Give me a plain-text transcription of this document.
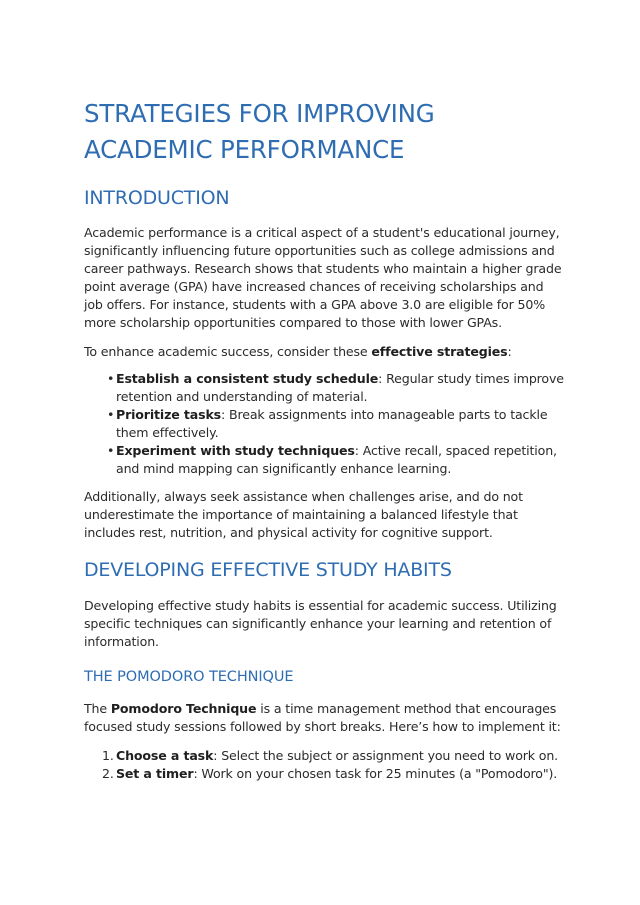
STRATEGIES FOR IMPROVING
ACADEMIC PERFORMANCE
INTRODUCTION

Academic performance is a critical aspect of a student's educational journey, significantly influencing future opportunities such as college admissions and career pathways. Research shows that students who maintain a higher grade point average (GPA) have increased chances of receiving scholarships and job offers. For instance, students with a GPA above 3.0 are eligible for 50% more scholarship opportunities compared to those with lower GPAs.

To enhance academic success, consider these effective strategies:

• Establish a consistent study schedule: Regular study times improve retention and understanding of material.
• Prioritize tasks: Break assignments into manageable parts to tackle them effectively.
• Experiment with study techniques: Active recall, spaced repetition, and mind mapping can significantly enhance learning.

Additionally, always seek assistance when challenges arise, and do not underestimate the importance of maintaining a balanced lifestyle that includes rest, nutrition, and physical activity for cognitive support.

DEVELOPING EFFECTIVE STUDY HABITS

Developing effective study habits is essential for academic success. Utilizing specific techniques can significantly enhance your learning and retention of information.

THE POMODORO TECHNIQUE

The Pomodoro Technique is a time management method that encourages focused study sessions followed by short breaks. Here’s how to implement it:

1. Choose a task: Select the subject or assignment you need to work on.
2. Set a timer: Work on your chosen task for 25 minutes (a "Pomodoro").
